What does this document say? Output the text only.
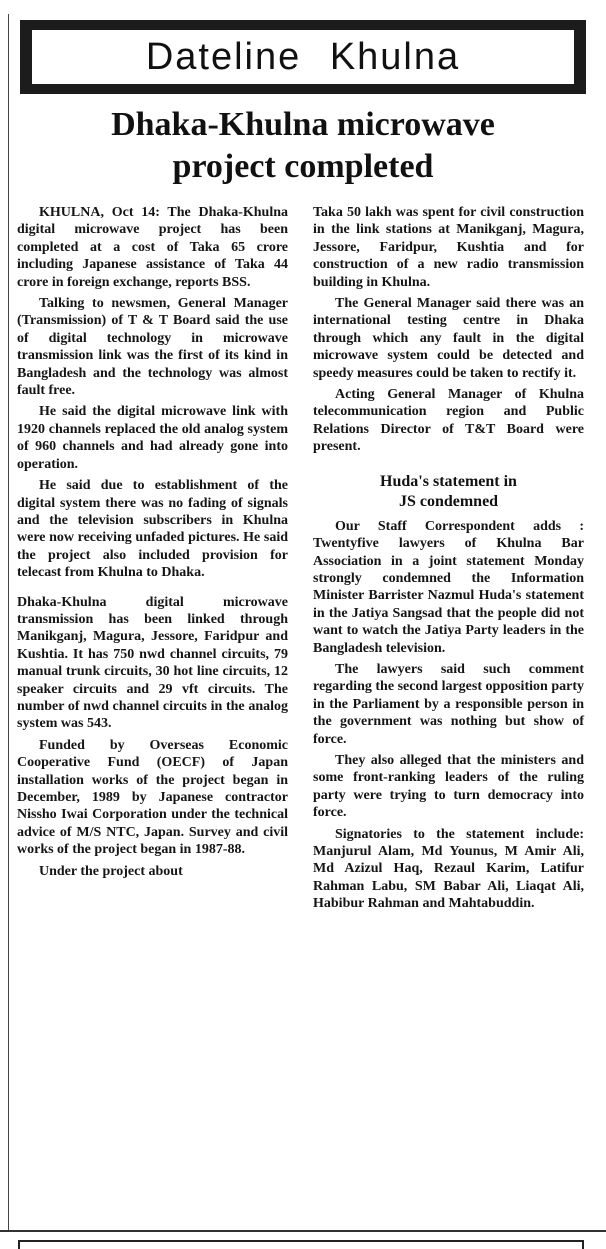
Dateline Khulna
Dhaka-Khulna microwave
project completed

KHULNA, Oct 14: The Dhaka-Khulna digital microwave project has been completed at a cost of Taka 65 crore including Japanese assistance of Taka 44 crore in foreign exchange, reports BSS.

Talking to newsmen, General Manager (Transmission) of T & T Board said the use of digital technology in microwave transmission link was the first of its kind in Bangladesh and the technology was almost fault free.

He said the digital microwave link with 1920 channels replaced the old analog system of 960 channels and had already gone into operation.

He said due to establishment of the digital system there was no fading of signals and the television subscribers in Khulna were now receiving unfaded pictures. He said the project also included provision for telecast from Khulna to Dhaka.

Dhaka-Khulna digital microwave transmission has been linked through Manikganj, Magura, Jessore, Faridpur and Kushtia. It has 750 nwd channel circuits, 79 manual trunk circuits, 30 hot line circuits, 12 speaker circuits and 29 vft circuits. The number of nwd channel circuits in the analog system was 543.

Funded by Overseas Economic Cooperative Fund (OECF) of Japan installation works of the project began in December, 1989 by Japanese contractor Nissho Iwai Corporation under the technical advice of M/S NTC, Japan. Survey and civil works of the project began in 1987-88.

Under the project about

Taka 50 lakh was spent for civil construction in the link stations at Manikganj, Magura, Jessore, Faridpur, Kushtia and for construction of a new radio transmission building in Khulna.

The General Manager said there was an international testing centre in Dhaka through which any fault in the digital microwave system could be detected and speedy measures could be taken to rectify it.

Acting General Manager of Khulna telecommunication region and Public Relations Director of T&T Board were present.

Huda's statement in
JS condemned

Our Staff Correspondent adds : Twentyfive lawyers of Khulna Bar Association in a joint statement Monday strongly condemned the Information Minister Barrister Nazmul Huda's statement in the Jatiya Sangsad that the people did not want to watch the Jatiya Party leaders in the Bangladesh television.

The lawyers said such comment regarding the second largest opposition party in the Parliament by a responsible person in the government was nothing but show of force.

They also alleged that the ministers and some front-ranking leaders of the ruling party were trying to turn democracy into force.

Signatories to the statement include: Manjurul Alam, Md Younus, M Amir Ali, Md Azizul Haq, Rezaul Karim, Latifur Rahman Labu, SM Babar Ali, Liaqat Ali, Habibur Rahman and Mahtabuddin.
